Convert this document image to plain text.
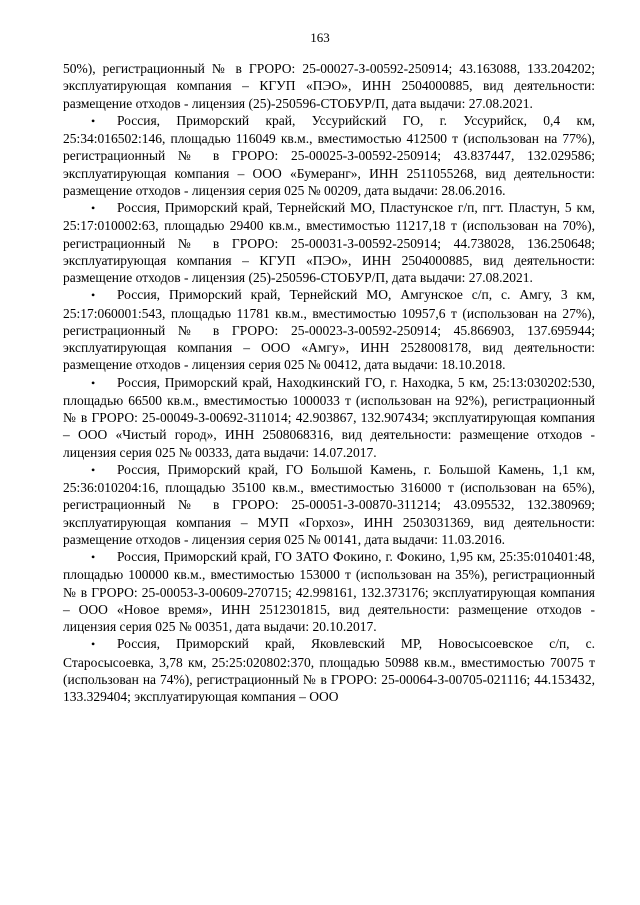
163

50%), регистрационный № в ГРОРО: 25-00027-З-00592-250914; 43.163088, 133.204202; эксплуатирующая компания – КГУП «ПЭО», ИНН 2504000885, вид деятельности: размещение отходов - лицензия (25)-250596-СТОБУР/П, дата выдачи: 27.08.2021.

• Россия, Приморский край, Уссурийский ГО, г. Уссурийск, 0,4 км, 25:34:016502:146, площадью 116049 кв.м., вместимостью 412500 т (использован на 77%), регистрационный № в ГРОРО: 25-00025-З-00592-250914; 43.837447, 132.029586; эксплуатирующая компания – ООО «Бумеранг», ИНН 2511055268, вид деятельности: размещение отходов - лицензия серия 025 № 00209, дата выдачи: 28.06.2016.

• Россия, Приморский край, Тернейский МО, Пластунское г/п, пгт. Пластун, 5 км, 25:17:010002:63, площадью 29400 кв.м., вместимостью 11217,18 т (использован на 70%), регистрационный № в ГРОРО: 25-00031-З-00592-250914; 44.738028, 136.250648; эксплуатирующая компания – КГУП «ПЭО», ИНН 2504000885, вид деятельности: размещение отходов - лицензия (25)-250596-СТОБУР/П, дата выдачи: 27.08.2021.

• Россия, Приморский край, Тернейский МО, Амгунское с/п, с. Амгу, 3 км, 25:17:060001:543, площадью 11781 кв.м., вместимостью 10957,6 т (использован на 27%), регистрационный № в ГРОРО: 25-00023-З-00592-250914; 45.866903, 137.695944; эксплуатирующая компания – ООО «Амгу», ИНН 2528008178, вид деятельности: размещение отходов - лицензия серия 025 № 00412, дата выдачи: 18.10.2018.

• Россия, Приморский край, Находкинский ГО, г. Находка, 5 км, 25:13:030202:530, площадью 66500 кв.м., вместимостью 1000033 т (использован на 92%), регистрационный № в ГРОРО: 25-00049-З-00692-311014; 42.903867, 132.907434; эксплуатирующая компания – ООО «Чистый город», ИНН 2508068316, вид деятельности: размещение отходов - лицензия серия 025 № 00333, дата выдачи: 14.07.2017.

• Россия, Приморский край, ГО Большой Камень, г. Большой Камень, 1,1 км, 25:36:010204:16, площадью 35100 кв.м., вместимостью 316000 т (использован на 65%), регистрационный № в ГРОРО: 25-00051-З-00870-311214; 43.095532, 132.380969; эксплуатирующая компания – МУП «Горхоз», ИНН 2503031369, вид деятельности: размещение отходов - лицензия серия 025 № 00141, дата выдачи: 11.03.2016.

• Россия, Приморский край, ГО ЗАТО Фокино, г. Фокино, 1,95 км, 25:35:010401:48, площадью 100000 кв.м., вместимостью 153000 т (использован на 35%), регистрационный № в ГРОРО: 25-00053-З-00609-270715; 42.998161, 132.373176; эксплуатирующая компания – ООО «Новое время», ИНН 2512301815, вид деятельности: размещение отходов - лицензия серия 025 № 00351, дата выдачи: 20.10.2017.

• Россия, Приморский край, Яковлевский МР, Новосысоевское с/п, с. Старосысоевка, 3,78 км, 25:25:020802:370, площадью 50988 кв.м., вместимостью 70075 т (использован на 74%), регистрационный № в ГРОРО: 25-00064-З-00705-021116; 44.153432, 133.329404; эксплуатирующая компания – ООО
